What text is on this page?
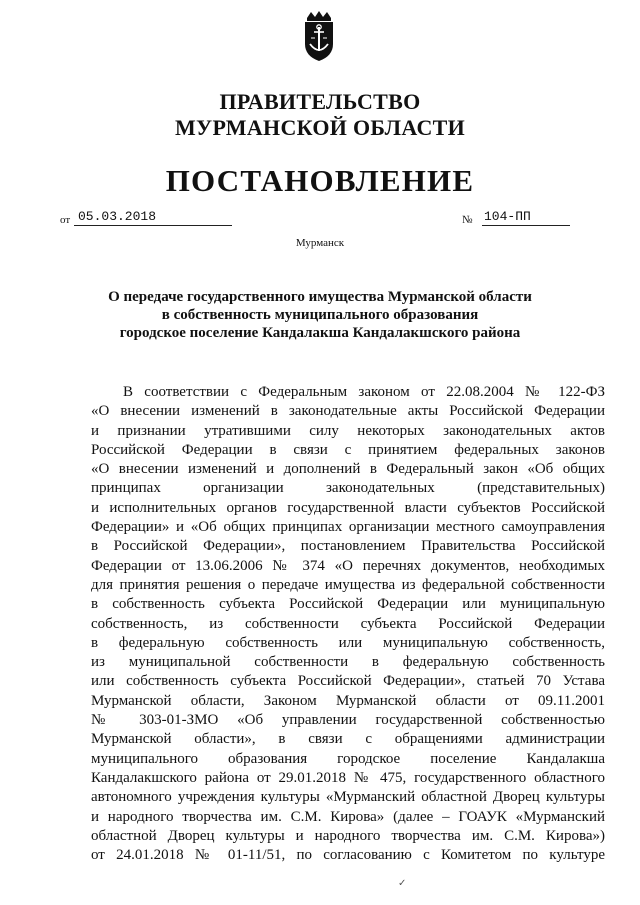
ПРАВИТЕЛЬСТВО
МУРМАНСКОЙ ОБЛАСТИ
ПОСТАНОВЛЕНИЕ
от 05.03.2018	№ 104-ПП
Мурманск
О передаче государственного имущества Мурманской области
в собственность муниципального образования
городское поселение Кандалакша Кандалакшского района
В соответствии с Федеральным законом от 22.08.2004 № 122-ФЗ
«О внесении изменений в законодательные акты Российской Федерации
и признании утратившими силу некоторых законодательных актов
Российской Федерации в связи с принятием федеральных законов
«О внесении изменений и дополнений в Федеральный закон «Об общих
принципах организации законодательных (представительных)
и исполнительных органов государственной власти субъектов Российской
Федерации» и «Об общих принципах организации местного самоуправления
в Российской Федерации», постановлением Правительства Российской
Федерации от 13.06.2006 № 374 «О перечнях документов, необходимых
для принятия решения о передаче имущества из федеральной собственности
в собственность субъекта Российской Федерации или муниципальную
собственность, из собственности субъекта Российской Федерации
в федеральную собственность или муниципальную собственность,
из муниципальной собственности в федеральную собственность
или собственность субъекта Российской Федерации», статьей 70 Устава
Мурманской области, Законом Мурманской области от 09.11.2001
№ 303-01-ЗМО «Об управлении государственной собственностью
Мурманской области», в связи с обращениями администрации
муниципального образования городское поселение Кандалакша
Кандалакшского района от 29.01.2018 № 475, государственного областного
автономного учреждения культуры «Мурманский областной Дворец культуры
и народного творчества им. С.М. Кирова» (далее – ГОАУК «Мурманский
областной Дворец культуры и народного творчества им. С.М. Кирова»)
от 24.01.2018 № 01-11/51, по согласованию с Комитетом по культуре
✓
